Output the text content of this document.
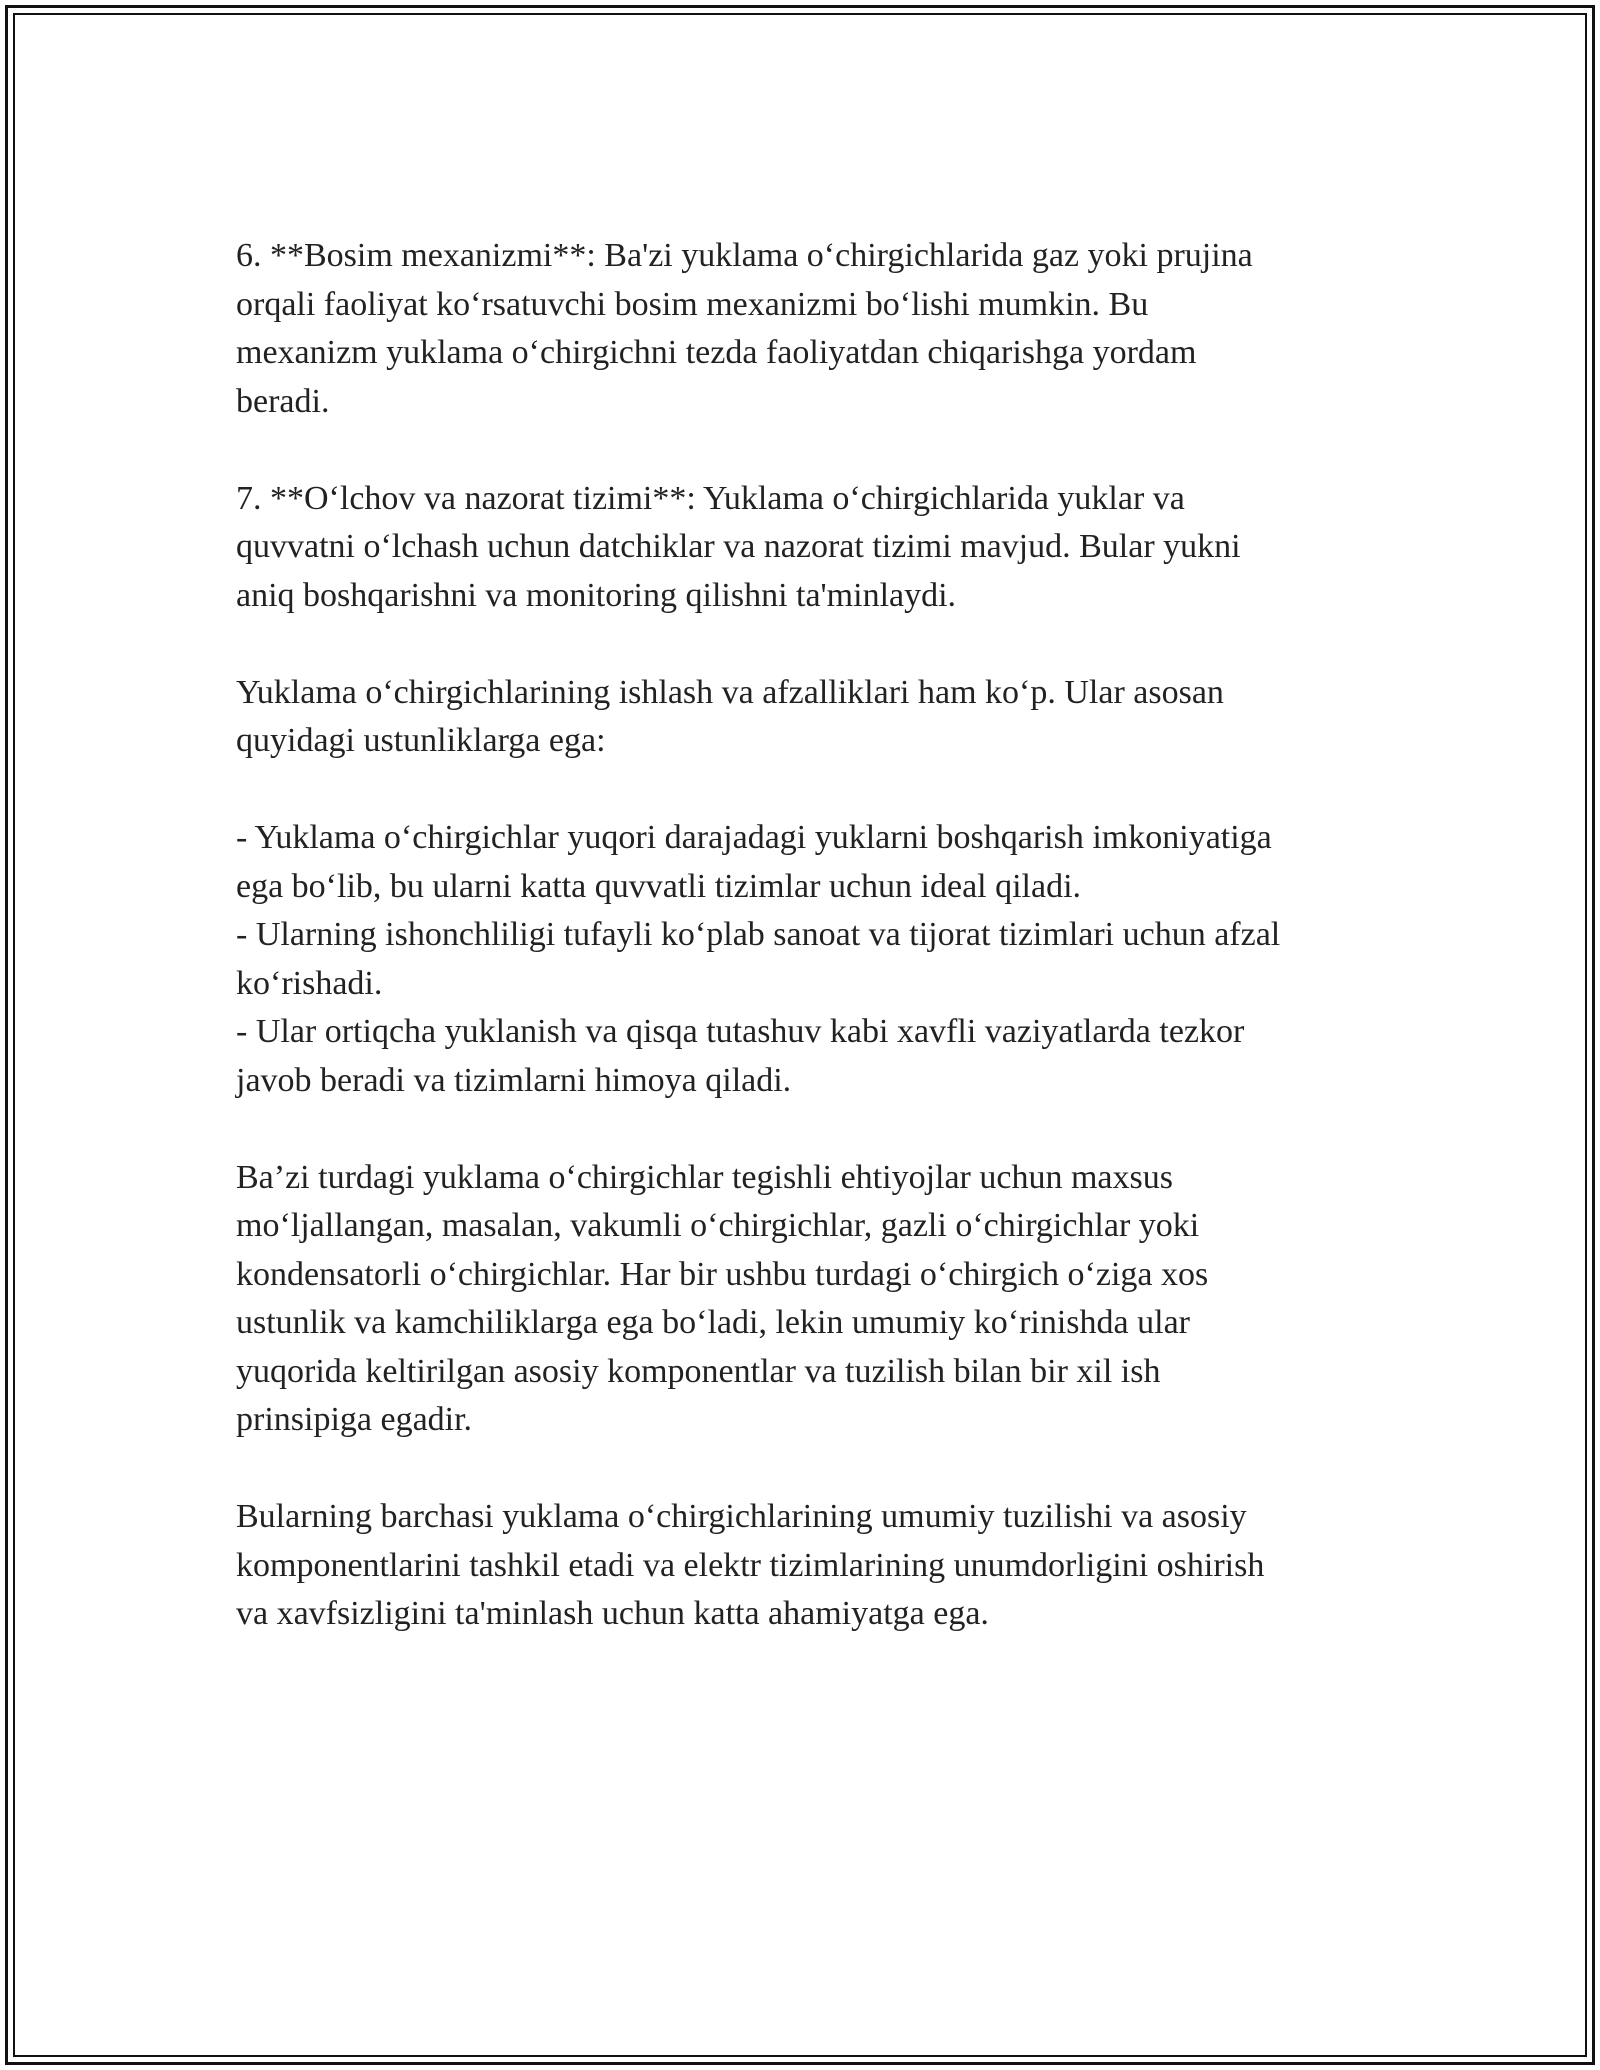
6. **Bosim mexanizmi**: Ba'zi yuklama o‘chirgichlarida gaz yoki prujina
orqali faoliyat ko‘rsatuvchi bosim mexanizmi bo‘lishi mumkin. Bu
mexanizm yuklama o‘chirgichni tezda faoliyatdan chiqarishga yordam
beradi.

7. **O‘lchov va nazorat tizimi**: Yuklama o‘chirgichlarida yuklar va
quvvatni o‘lchash uchun datchiklar va nazorat tizimi mavjud. Bular yukni
aniq boshqarishni va monitoring qilishni ta'minlaydi.

Yuklama o‘chirgichlarining ishlash va afzalliklari ham ko‘p. Ular asosan
quyidagi ustunliklarga ega:

- Yuklama o‘chirgichlar yuqori darajadagi yuklarni boshqarish imkoniyatiga
ega bo‘lib, bu ularni katta quvvatli tizimlar uchun ideal qiladi.
- Ularning ishonchliligi tufayli ko‘plab sanoat va tijorat tizimlari uchun afzal
ko‘rishadi.
- Ular ortiqcha yuklanish va qisqa tutashuv kabi xavfli vaziyatlarda tezkor
javob beradi va tizimlarni himoya qiladi.

Ba’zi turdagi yuklama o‘chirgichlar tegishli ehtiyojlar uchun maxsus
mo‘ljallangan, masalan, vakumli o‘chirgichlar, gazli o‘chirgichlar yoki
kondensatorli o‘chirgichlar. Har bir ushbu turdagi o‘chirgich o‘ziga xos
ustunlik va kamchiliklarga ega bo‘ladi, lekin umumiy ko‘rinishda ular
yuqorida keltirilgan asosiy komponentlar va tuzilish bilan bir xil ish
prinsipiga egadir.

Bularning barchasi yuklama o‘chirgichlarining umumiy tuzilishi va asosiy
komponentlarini tashkil etadi va elektr tizimlarining unumdorligini oshirish
va xavfsizligini ta'minlash uchun katta ahamiyatga ega.
